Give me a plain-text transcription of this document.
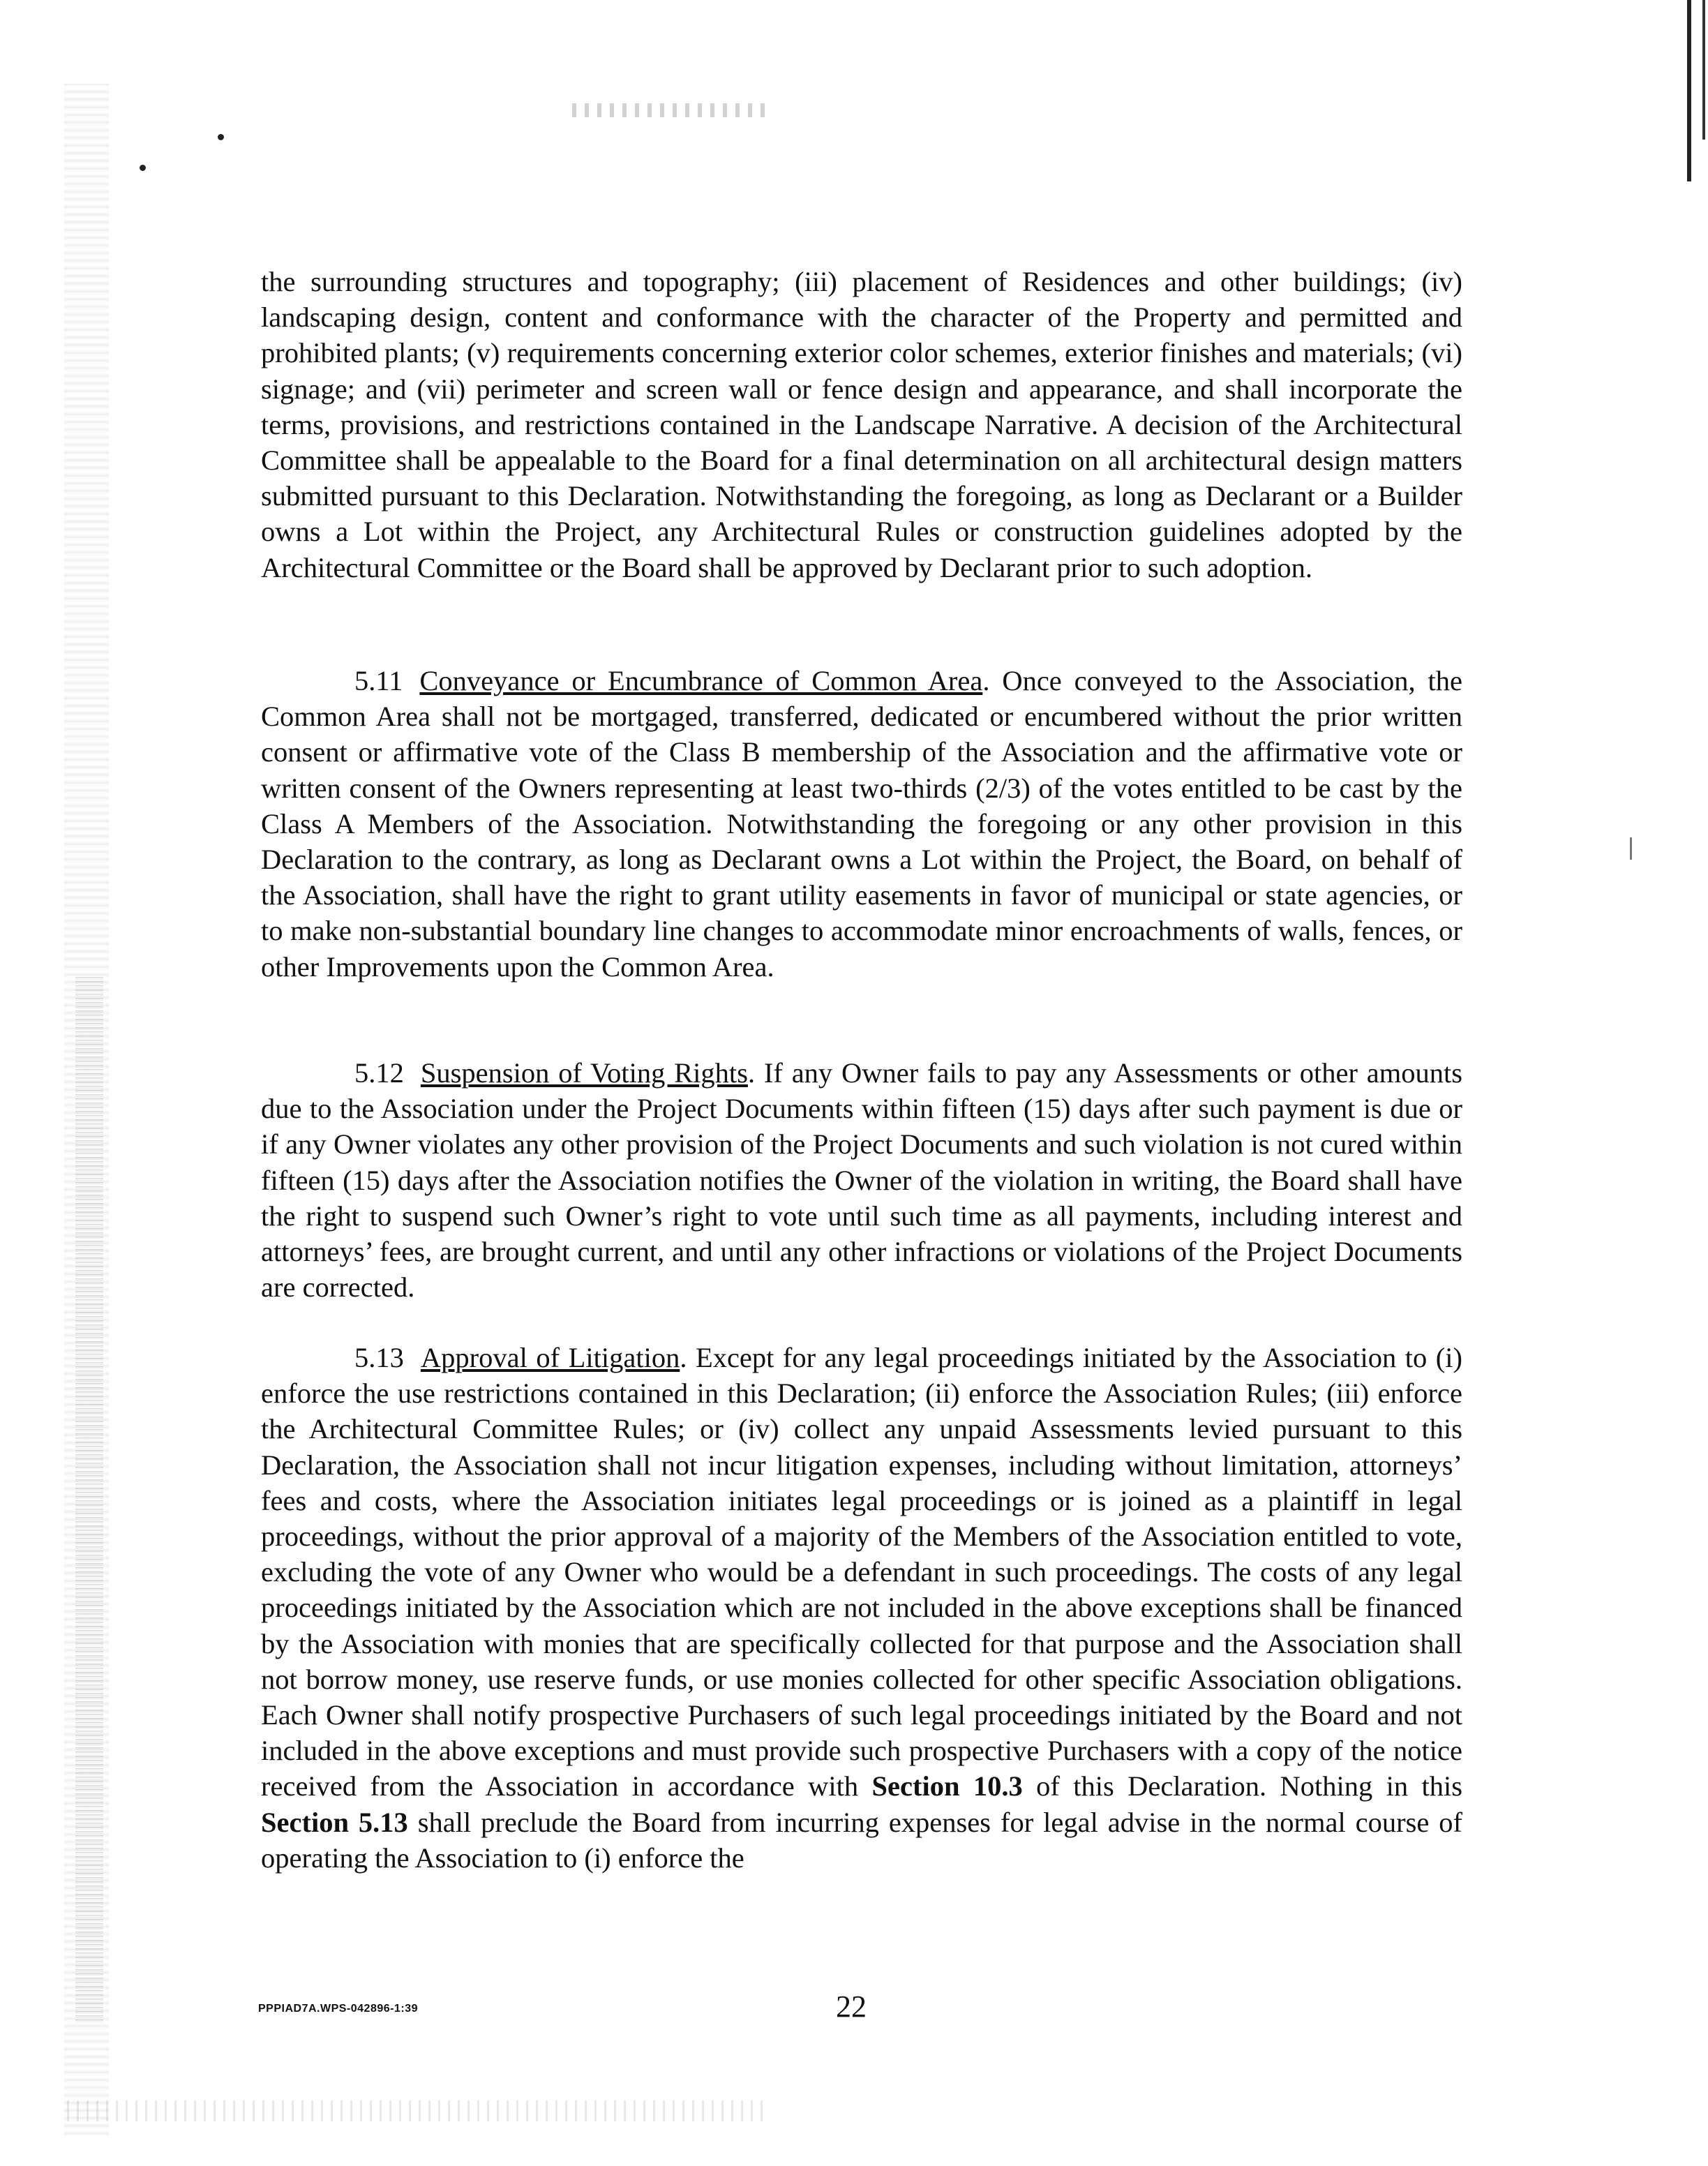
the surrounding structures and topography; (iii) placement of Residences and other buildings; (iv) landscaping design, content and conformance with the character of the Property and permitted and prohibited plants; (v) requirements concerning exterior color schemes, exterior finishes and materials; (vi) signage; and (vii) perimeter and screen wall or fence design and appearance, and shall incorporate the terms, provisions, and restrictions contained in the Landscape Narrative. A decision of the Architectural Committee shall be appealable to the Board for a final determination on all architectural design matters submitted pursuant to this Declaration. Notwithstanding the foregoing, as long as Declarant or a Builder owns a Lot within the Project, any Architectural Rules or construction guidelines adopted by the Architectural Committee or the Board shall be approved by Declarant prior to such adoption.
5.11 Conveyance or Encumbrance of Common Area. Once conveyed to the Association, the Common Area shall not be mortgaged, transferred, dedicated or encumbered without the prior written consent or affirmative vote of the Class B membership of the Association and the affirmative vote or written consent of the Owners representing at least two-thirds (2/3) of the votes entitled to be cast by the Class A Members of the Association. Notwithstanding the foregoing or any other provision in this Declaration to the contrary, as long as Declarant owns a Lot within the Project, the Board, on behalf of the Association, shall have the right to grant utility easements in favor of municipal or state agencies, or to make non-substantial boundary line changes to accommodate minor encroachments of walls, fences, or other Improvements upon the Common Area.
5.12 Suspension of Voting Rights. If any Owner fails to pay any Assessments or other amounts due to the Association under the Project Documents within fifteen (15) days after such payment is due or if any Owner violates any other provision of the Project Documents and such violation is not cured within fifteen (15) days after the Association notifies the Owner of the violation in writing, the Board shall have the right to suspend such Owner’s right to vote until such time as all payments, including interest and attorneys’ fees, are brought current, and until any other infractions or violations of the Project Documents are corrected.
5.13 Approval of Litigation. Except for any legal proceedings initiated by the Association to (i) enforce the use restrictions contained in this Declaration; (ii) enforce the Association Rules; (iii) enforce the Architectural Committee Rules; or (iv) collect any unpaid Assessments levied pursuant to this Declaration, the Association shall not incur litigation expenses, including without limitation, attorneys’ fees and costs, where the Association initiates legal proceedings or is joined as a plaintiff in legal proceedings, without the prior approval of a majority of the Members of the Association entitled to vote, excluding the vote of any Owner who would be a defendant in such proceedings. The costs of any legal proceedings initiated by the Association which are not included in the above exceptions shall be financed by the Association with monies that are specifically collected for that purpose and the Association shall not borrow money, use reserve funds, or use monies collected for other specific Association obligations. Each Owner shall notify prospective Purchasers of such legal proceedings initiated by the Board and not included in the above exceptions and must provide such prospective Purchasers with a copy of the notice received from the Association in accordance with Section 10.3 of this Declaration. Nothing in this Section 5.13 shall preclude the Board from incurring expenses for legal advise in the normal course of operating the Association to (i) enforce the
PPPIAD7A.WPS-042896-1:39	22
